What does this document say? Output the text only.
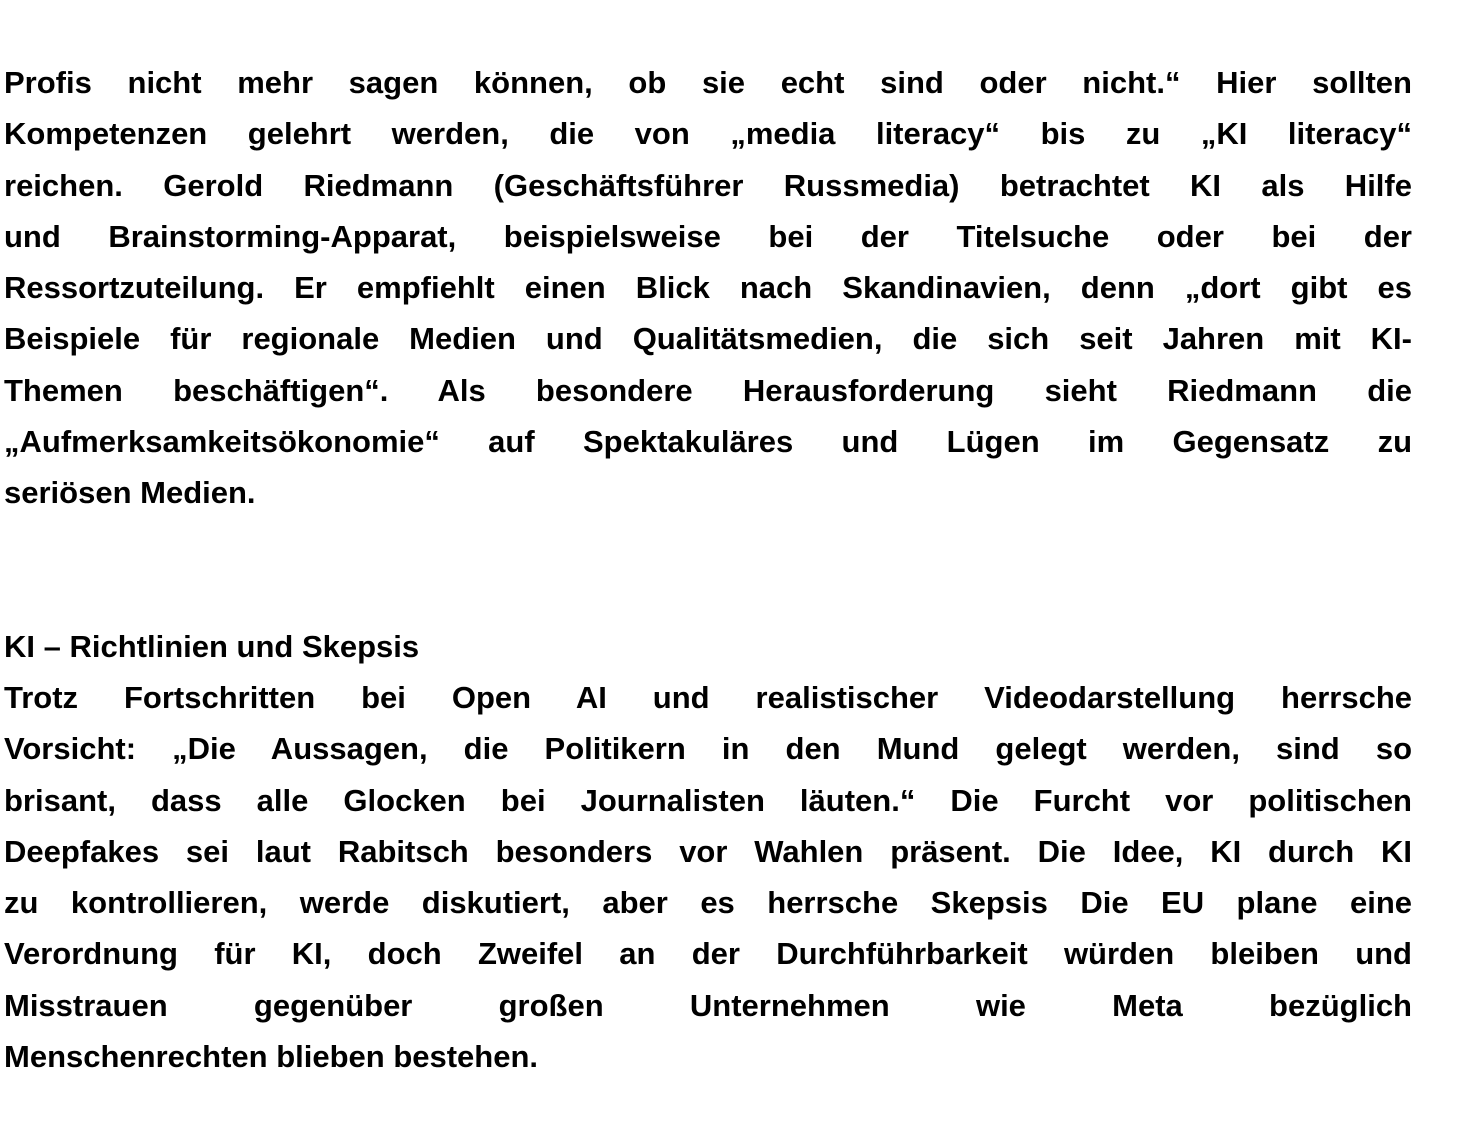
Profis nicht mehr sagen können, ob sie echt sind oder nicht.“ Hier sollten
Kompetenzen gelehrt werden, die von „media literacy“ bis zu „KI literacy“
reichen. Gerold Riedmann (Geschäftsführer Russmedia) betrachtet KI als Hilfe
und Brainstorming-Apparat, beispielsweise bei der Titelsuche oder bei der
Ressortzuteilung. Er empfiehlt einen Blick nach Skandinavien, denn „dort gibt es
Beispiele für regionale Medien und Qualitätsmedien, die sich seit Jahren mit KI-
Themen beschäftigen“. Als besondere Herausforderung sieht Riedmann die
„Aufmerksamkeitsökonomie“ auf Spektakuläres und Lügen im Gegensatz zu
seriösen Medien.
KI – Richtlinien und Skepsis
Trotz Fortschritten bei Open AI und realistischer Videodarstellung herrsche
Vorsicht: „Die Aussagen, die Politikern in den Mund gelegt werden, sind so
brisant, dass alle Glocken bei Journalisten läuten.“ Die Furcht vor politischen
Deepfakes sei laut Rabitsch besonders vor Wahlen präsent. Die Idee, KI durch KI
zu kontrollieren, werde diskutiert, aber es herrsche Skepsis Die EU plane eine
Verordnung für KI, doch Zweifel an der Durchführbarkeit würden bleiben und
Misstrauen gegenüber großen Unternehmen wie Meta bezüglich
Menschenrechten blieben bestehen.
